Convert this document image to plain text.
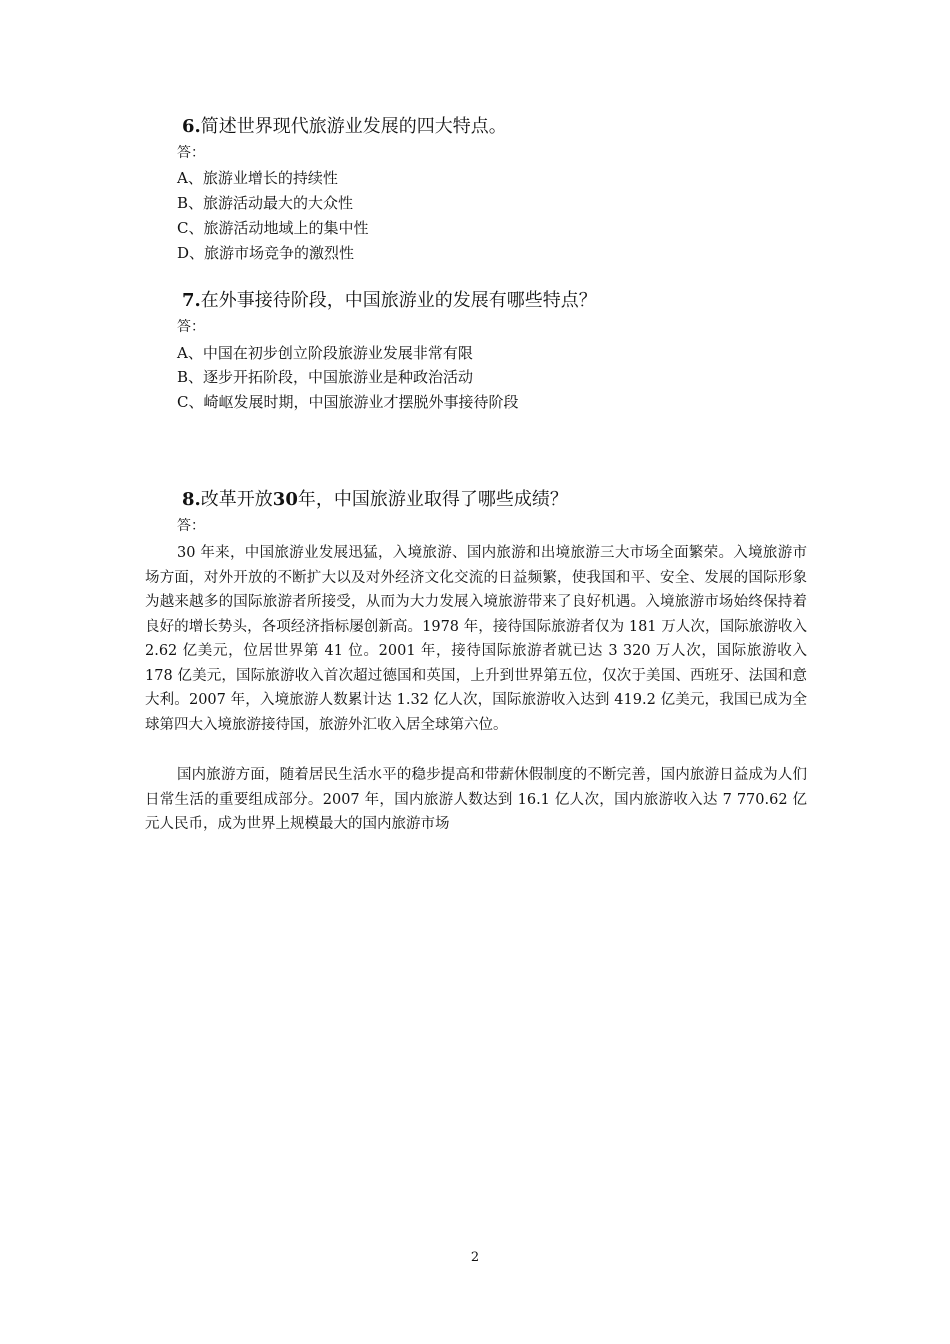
6.简述世界现代旅游业发展的四大特点。
答：
A、旅游业增长的持续性
B、旅游活动最大的大众性
C、旅游活动地域上的集中性
D、旅游市场竞争的激烈性
7.在外事接待阶段，中国旅游业的发展有哪些特点？
答：
A、中国在初步创立阶段旅游业发展非常有限
B、逐步开拓阶段，中国旅游业是种政治活动
C、崎岖发展时期，中国旅游业才摆脱外事接待阶段
8.改革开放30年，中国旅游业取得了哪些成绩？
答：

30 年来，中国旅游业发展迅猛，入境旅游、国内旅游和出境旅游三大市场全面繁荣。入境旅游市场方面，对外开放的不断扩大以及对外经济文化交流的日益频繁，使我国和平、安全、发展的国际形象为越来越多的国际旅游者所接受，从而为大力发展入境旅游带来了良好机遇。入境旅游市场始终保持着良好的增长势头，各项经济指标屡创新高。1978 年，接待国际旅游者仅为 181 万人次，国际旅游收入 2.62 亿美元，位居世界第 41 位。2001 年，接待国际旅游者就已达 3 320 万人次，国际旅游收入 178 亿美元，国际旅游收入首次超过德国和英国，上升到世界第五位，仅次于美国、西班牙、法国和意大利。2007 年，入境旅游人数累计达 1.32 亿人次，国际旅游收入达到 419.2 亿美元，我国已成为全球第四大入境旅游接待国，旅游外汇收入居全球第六位。

国内旅游方面，随着居民生活水平的稳步提高和带薪休假制度的不断完善，国内旅游日益成为人们日常生活的重要组成部分。2007 年，国内旅游人数达到 16.1 亿人次，国内旅游收入达 7 770.62 亿元人民币，成为世界上规模最大的国内旅游市场

2
